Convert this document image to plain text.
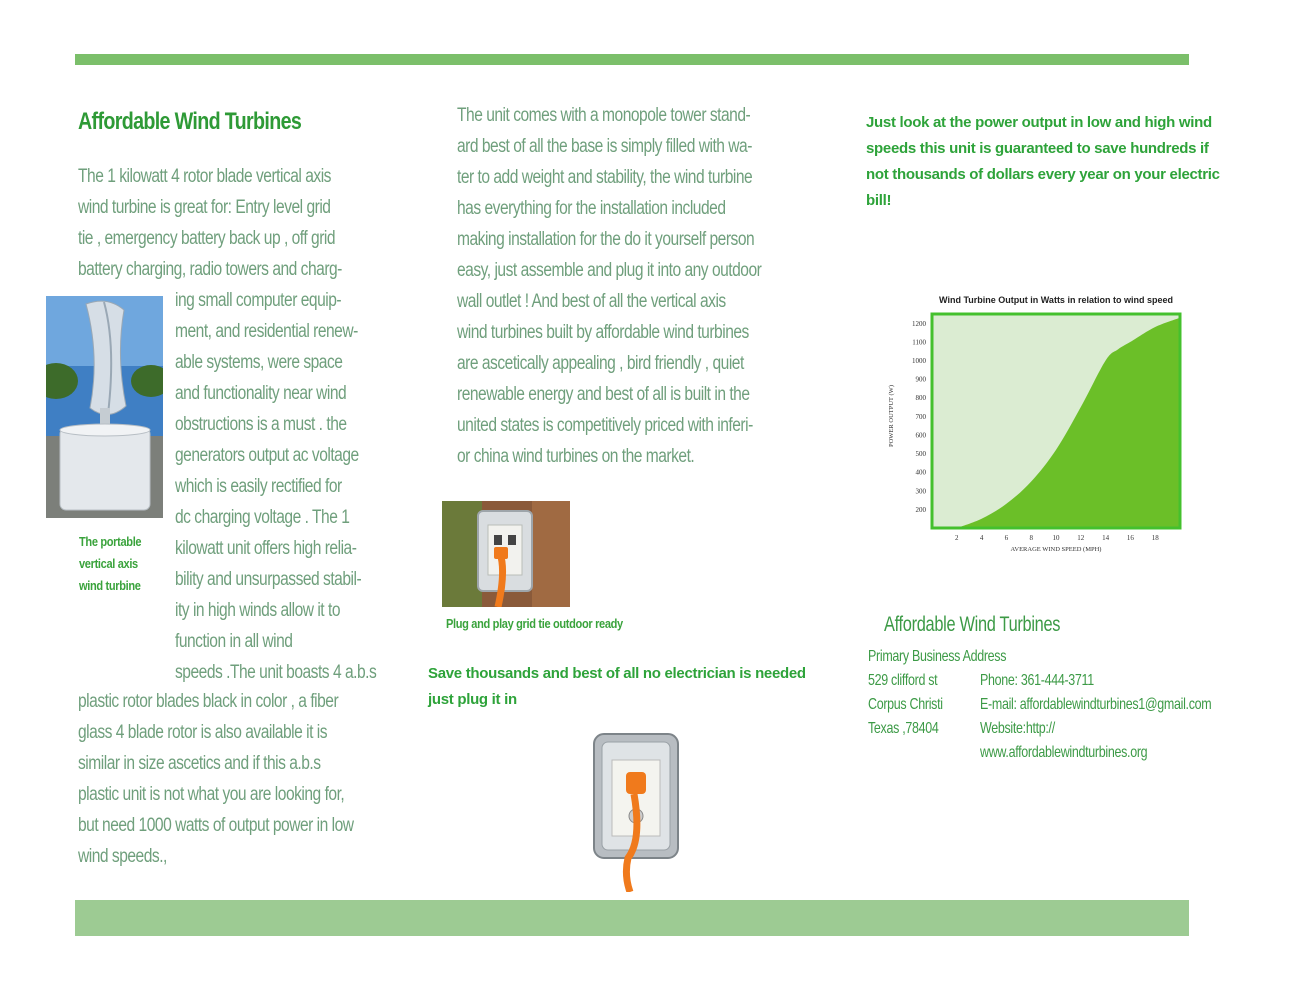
Affordable Wind Turbines
The 1 kilowatt 4 rotor blade vertical axis
wind turbine is great for: Entry level grid
tie , emergency battery back up , off grid
battery charging, radio towers and charg-
The portable
vertical axis
wind turbine
ing small computer equip-
ment, and residential renew-
able systems, were space
and functionality near wind
obstructions is a must . the
generators output ac voltage
which is easily rectified for
dc charging voltage . The 1
kilowatt unit offers high relia-
bility and unsurpassed stabil-
ity in high winds allow it to
function in all wind
speeds .The unit boasts 4 a.b.s
plastic rotor blades black in color , a fiber
glass 4 blade rotor is also available it is
similar in size ascetics and if this a.b.s
plastic unit is not what you are looking for,
but need 1000 watts of output power in low
wind speeds.,
The unit comes with a monopole tower stand-
ard best of all the base is simply filled with wa-
ter to add weight and stability, the wind turbine
has everything for the installation included
making installation for the do it yourself person
easy, just assemble and plug it into any outdoor
wall outlet ! And best of all the vertical axis
wind turbines built by affordable wind turbines
are ascetically appealing , bird friendly , quiet
renewable energy and best of all is built in the
united states is competitively priced with inferi-
or china wind turbines on the market.
Plug and play grid tie outdoor ready
Save thousands and best of all no electrician is needed
just plug it in
Just look at the power output in low and high wind
speeds this unit is guaranteed to save hundreds if
not thousands of dollars every year on your electric
bill!
Wind Turbine Output in Watts in relation to wind speed
2	4	6	8	10	12	14	16	18
200
300
400
500
600
700
800
900
1000
1100
1200
AVERAGE WIND SPEED (MPH)
POWER OUTPUT (W)
Affordable Wind Turbines
Primary Business Address
529 clifford st
Corpus Christi
Texas ,78404
Phone: 361-444-3711
E-mail: affordablewindturbines1@gmail.com
Website:http://
www.affordablewindturbines.org
